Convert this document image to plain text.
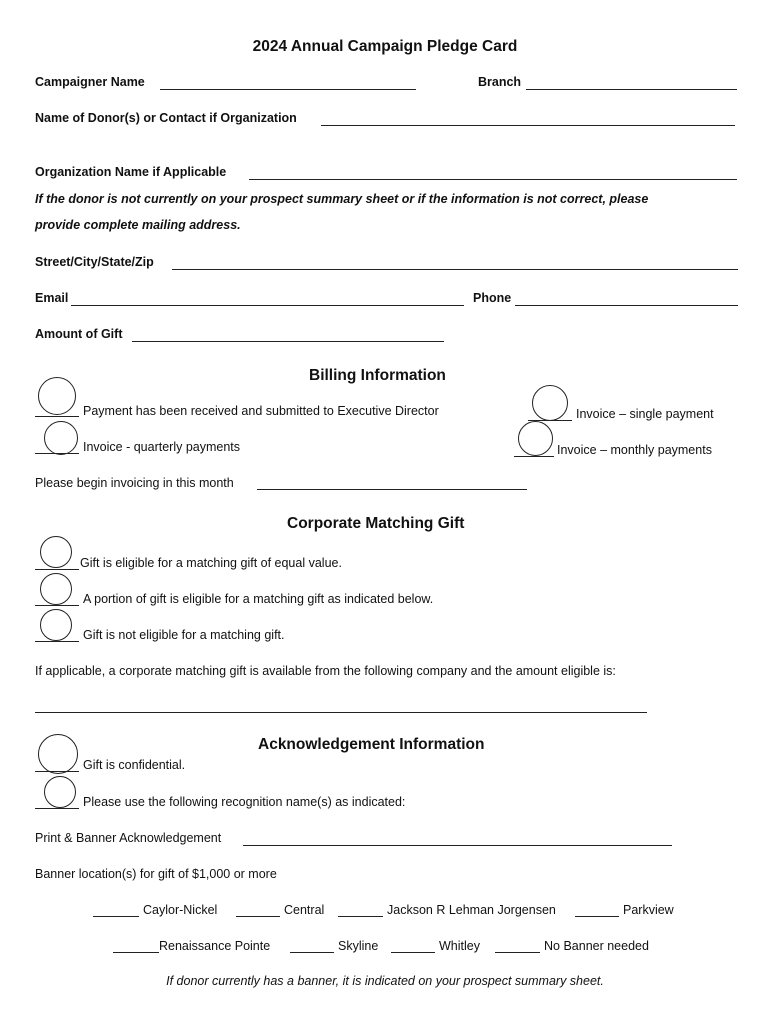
2024 Annual Campaign Pledge Card
Campaigner Name	Branch
Name of Donor(s) or Contact if Organization
Organization Name if Applicable
If the donor is not currently on your prospect summary sheet or if the information is not correct, please
provide complete mailing address.
Street/City/State/Zip
Email	Phone
Amount of Gift
Billing Information
Payment has been received and submitted to Executive Director	Invoice – single payment
Invoice - quarterly payments	Invoice – monthly payments
Please begin invoicing in this month
Corporate Matching Gift
Gift is eligible for a matching gift of equal value.
A portion of gift is eligible for a matching gift as indicated below.
Gift is not eligible for a matching gift.
If applicable, a corporate matching gift is available from the following company and the amount eligible is:
Acknowledgement Information
Gift is confidential.
Please use the following recognition name(s) as indicated:
Print & Banner Acknowledgement
Banner location(s) for gift of $1,000 or more
Caylor-Nickel	Central	Jackson R Lehman Jorgensen	Parkview
Renaissance Pointe	Skyline	Whitley	No Banner needed
If donor currently has a banner, it is indicated on your prospect summary sheet.
